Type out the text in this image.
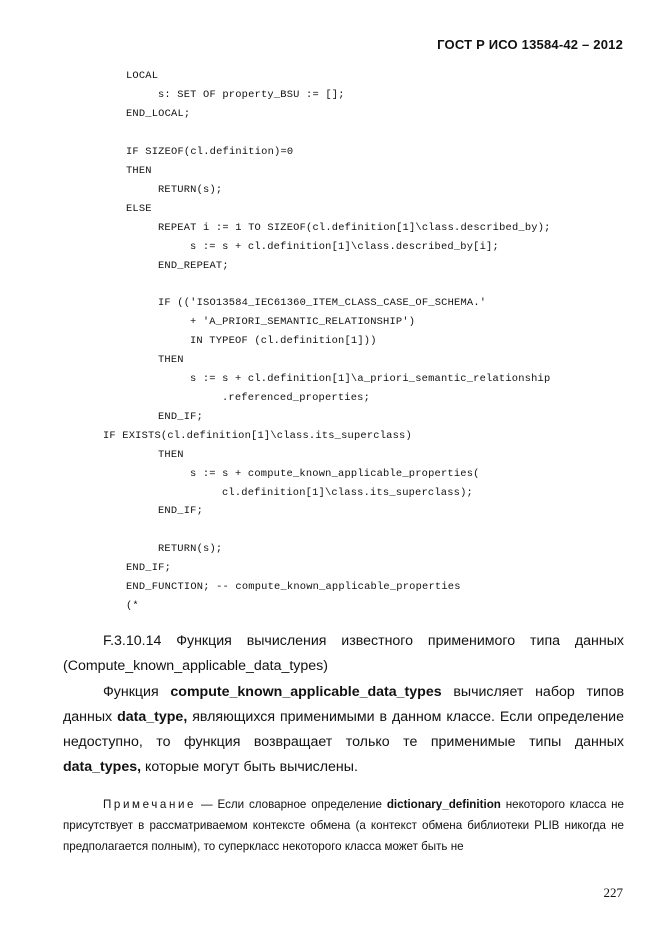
ГОСТ Р ИСО 13584-42 – 2012
LOCAL
s: SET OF property_BSU := [];
END_LOCAL;
IF SIZEOF(cl.definition)=0
THEN
RETURN(s);
ELSE
REPEAT i := 1 TO SIZEOF(cl.definition[1]\class.described_by);
s := s + cl.definition[1]\class.described_by[i];
END_REPEAT;
IF (('ISO13584_IEC61360_ITEM_CLASS_CASE_OF_SCHEMA.'
+ 'A_PRIORI_SEMANTIC_RELATIONSHIP')
IN TYPEOF (cl.definition[1]))
THEN
s := s + cl.definition[1]\a_priori_semantic_relationship
.referenced_properties;
END_IF;
IF EXISTS(cl.definition[1]\class.its_superclass)
THEN
s := s + compute_known_applicable_properties(
cl.definition[1]\class.its_superclass);
END_IF;
RETURN(s);
END_IF;
END_FUNCTION; -- compute_known_applicable_properties
(*
F.3.10.14 Функция вычисления известного применимого типа данных (Compute_known_applicable_data_types)
Функция compute_known_applicable_data_types вычисляет набор типов данных data_type, являющихся применимыми в данном классе. Если определение недоступно, то функция возвращает только те применимые типы данных data_types, которые могут быть вычислены.
Примечание — Если словарное определение dictionary_definition некоторого класса не присутствует в рассматриваемом контексте обмена (а контекст обмена библиотеки PLIB никогда не предполагается полным), то суперкласс некоторого класса может быть не
227
